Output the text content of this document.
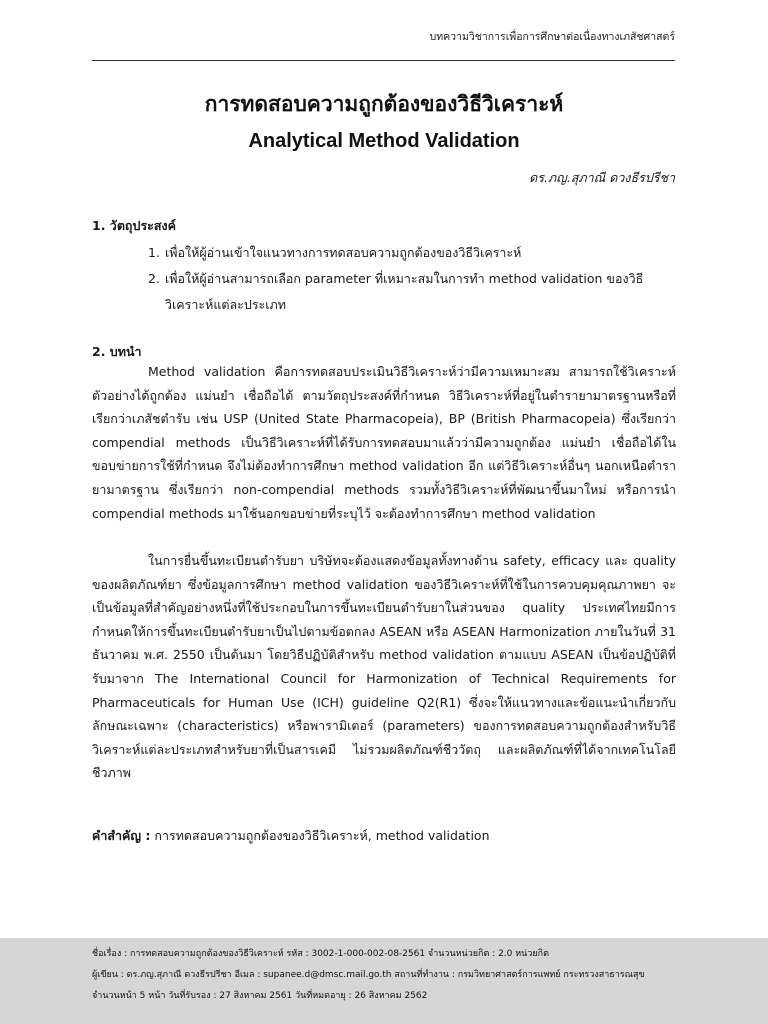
บทความวิชาการเพื่อการศึกษาต่อเนื่องทางเภสัชศาสตร์
การทดสอบความถูกต้องของวิธีวิเคราะห์
Analytical Method Validation
ดร.ภญ.สุภาณี ดวงธีรปรีชา
1. วัตถุประสงค์
1. เพื่อให้ผู้อ่านเข้าใจแนวทางการทดสอบความถูกต้องของวิธีวิเคราะห์
2. เพื่อให้ผู้อ่านสามารถเลือก parameter ที่เหมาะสมในการทำ method validation ของวิธีวิเคราะห์แต่ละประเภท
2. บทนำ

Method validation คือการทดสอบประเมินวิธีวิเคราะห์ว่ามีความเหมาะสม สามารถใช้วิเคราะห์ตัวอย่างได้ถูกต้อง แม่นยำ เชื่อถือได้ ตามวัตถุประสงค์ที่กำหนด วิธีวิเคราะห์ที่อยู่ในตำรายามาตรฐานหรือที่เรียกว่าเภสัชตำรับ เช่น USP (United State Pharmacopeia), BP (British Pharmacopeia) ซึ่งเรียกว่า compendial methods เป็นวิธีวิเคราะห์ที่ได้รับการทดสอบมาแล้วว่ามีความถูกต้อง แม่นยำ เชื่อถือได้ในขอบข่ายการใช้ที่กำหนด จึงไม่ต้องทำการศึกษา method validation อีก แต่วิธีวิเคราะห์อื่นๆ นอกเหนือตำรายามาตรฐาน ซึ่งเรียกว่า non-compendial methods รวมทั้งวิธีวิเคราะห์ที่พัฒนาขึ้นมาใหม่ หรือการนำ compendial methods มาใช้นอกขอบข่ายที่ระบุไว้ จะต้องทำการศึกษา method validation

ในการยื่นขึ้นทะเบียนตำรับยา บริษัทจะต้องแสดงข้อมูลทั้งทางด้าน safety, efficacy และ quality ของผลิตภัณฑ์ยา ซึ่งข้อมูลการศึกษา method validation ของวิธีวิเคราะห์ที่ใช้ในการควบคุมคุณภาพยา จะเป็นข้อมูลที่สำคัญอย่างหนึ่งที่ใช้ประกอบในการขึ้นทะเบียนตำรับยาในส่วนของ quality ประเทศไทยมีการกำหนดให้การขึ้นทะเบียนตำรับยาเป็นไปตามข้อตกลง ASEAN หรือ ASEAN Harmonization ภายในวันที่ 31 ธันวาคม พ.ศ. 2550 เป็นต้นมา โดยวิธีปฏิบัติสำหรับ method validation ตามแบบ ASEAN เป็นข้อปฏิบัติที่รับมาจาก The International Council for Harmonization of Technical Requirements for Pharmaceuticals for Human Use (ICH) guideline Q2(R1) ซึ่งจะให้แนวทางและข้อแนะนำเกี่ยวกับลักษณะเฉพาะ (characteristics) หรือพารามิเตอร์ (parameters) ของการทดสอบความถูกต้องสำหรับวิธีวิเคราะห์แต่ละประเภทสำหรับยาที่เป็นสารเคมี ไม่รวมผลิตภัณฑ์ชีววัตถุ และผลิตภัณฑ์ที่ได้จากเทคโนโลยีชีวภาพ

คำสำคัญ : การทดสอบความถูกต้องของวิธีวิเคราะห์, method validation
ชื่อเรื่อง : การทดสอบความถูกต้องของวิธีวิเคราะห์ รหัส : 3002-1-000-002-08-2561 จำนวนหน่วยกิต : 2.0 หน่วยกิต
ผู้เขียน : ดร.ภญ.สุภาณี ดวงธีรปรีชา อีเมล : supanee.d@dmsc.mail.go.th สถานที่ทำงาน : กรมวิทยาศาสตร์การแพทย์ กระทรวงสาธารณสุข
จำนวนหน้า 5 หน้า วันที่รับรอง : 27 สิงหาคม 2561 วันที่หมดอายุ : 26 สิงหาคม 2562
